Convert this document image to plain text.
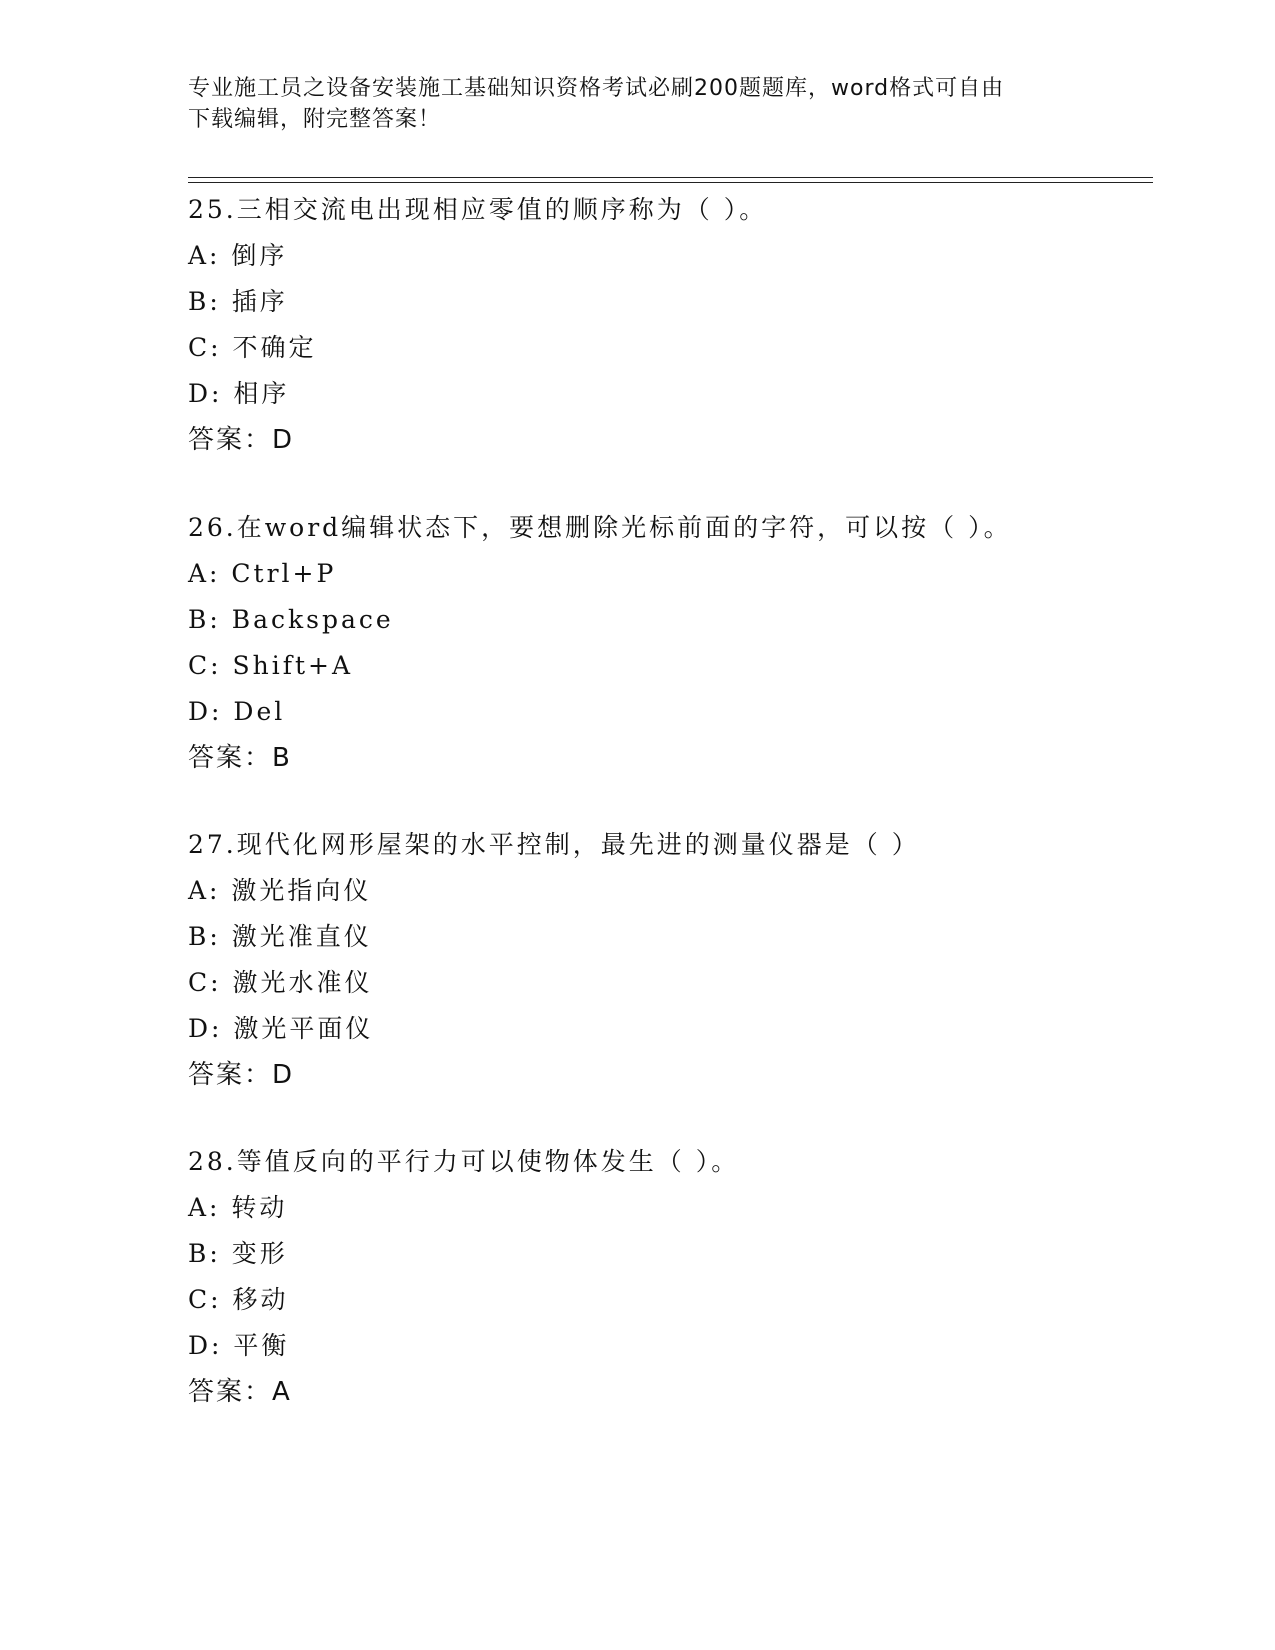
专业施工员之设备安装施工基础知识资格考试必刷200题题库，word格式可自由
下载编辑，附完整答案！
25.三相交流电出现相应零值的顺序称为（ ）。
A: 倒序
B: 插序
C: 不确定
D: 相序
答案：D
26.在word编辑状态下，要想删除光标前面的字符，可以按（ ）。
A: Ctrl+P
B: Backspace
C: Shift+A
D: Del
答案：B
27.现代化网形屋架的水平控制，最先进的测量仪器是（ ）
A: 激光指向仪
B: 激光准直仪
C: 激光水准仪
D: 激光平面仪
答案：D
28.等值反向的平行力可以使物体发生（ ）。
A: 转动
B: 变形
C: 移动
D: 平衡
答案：A
